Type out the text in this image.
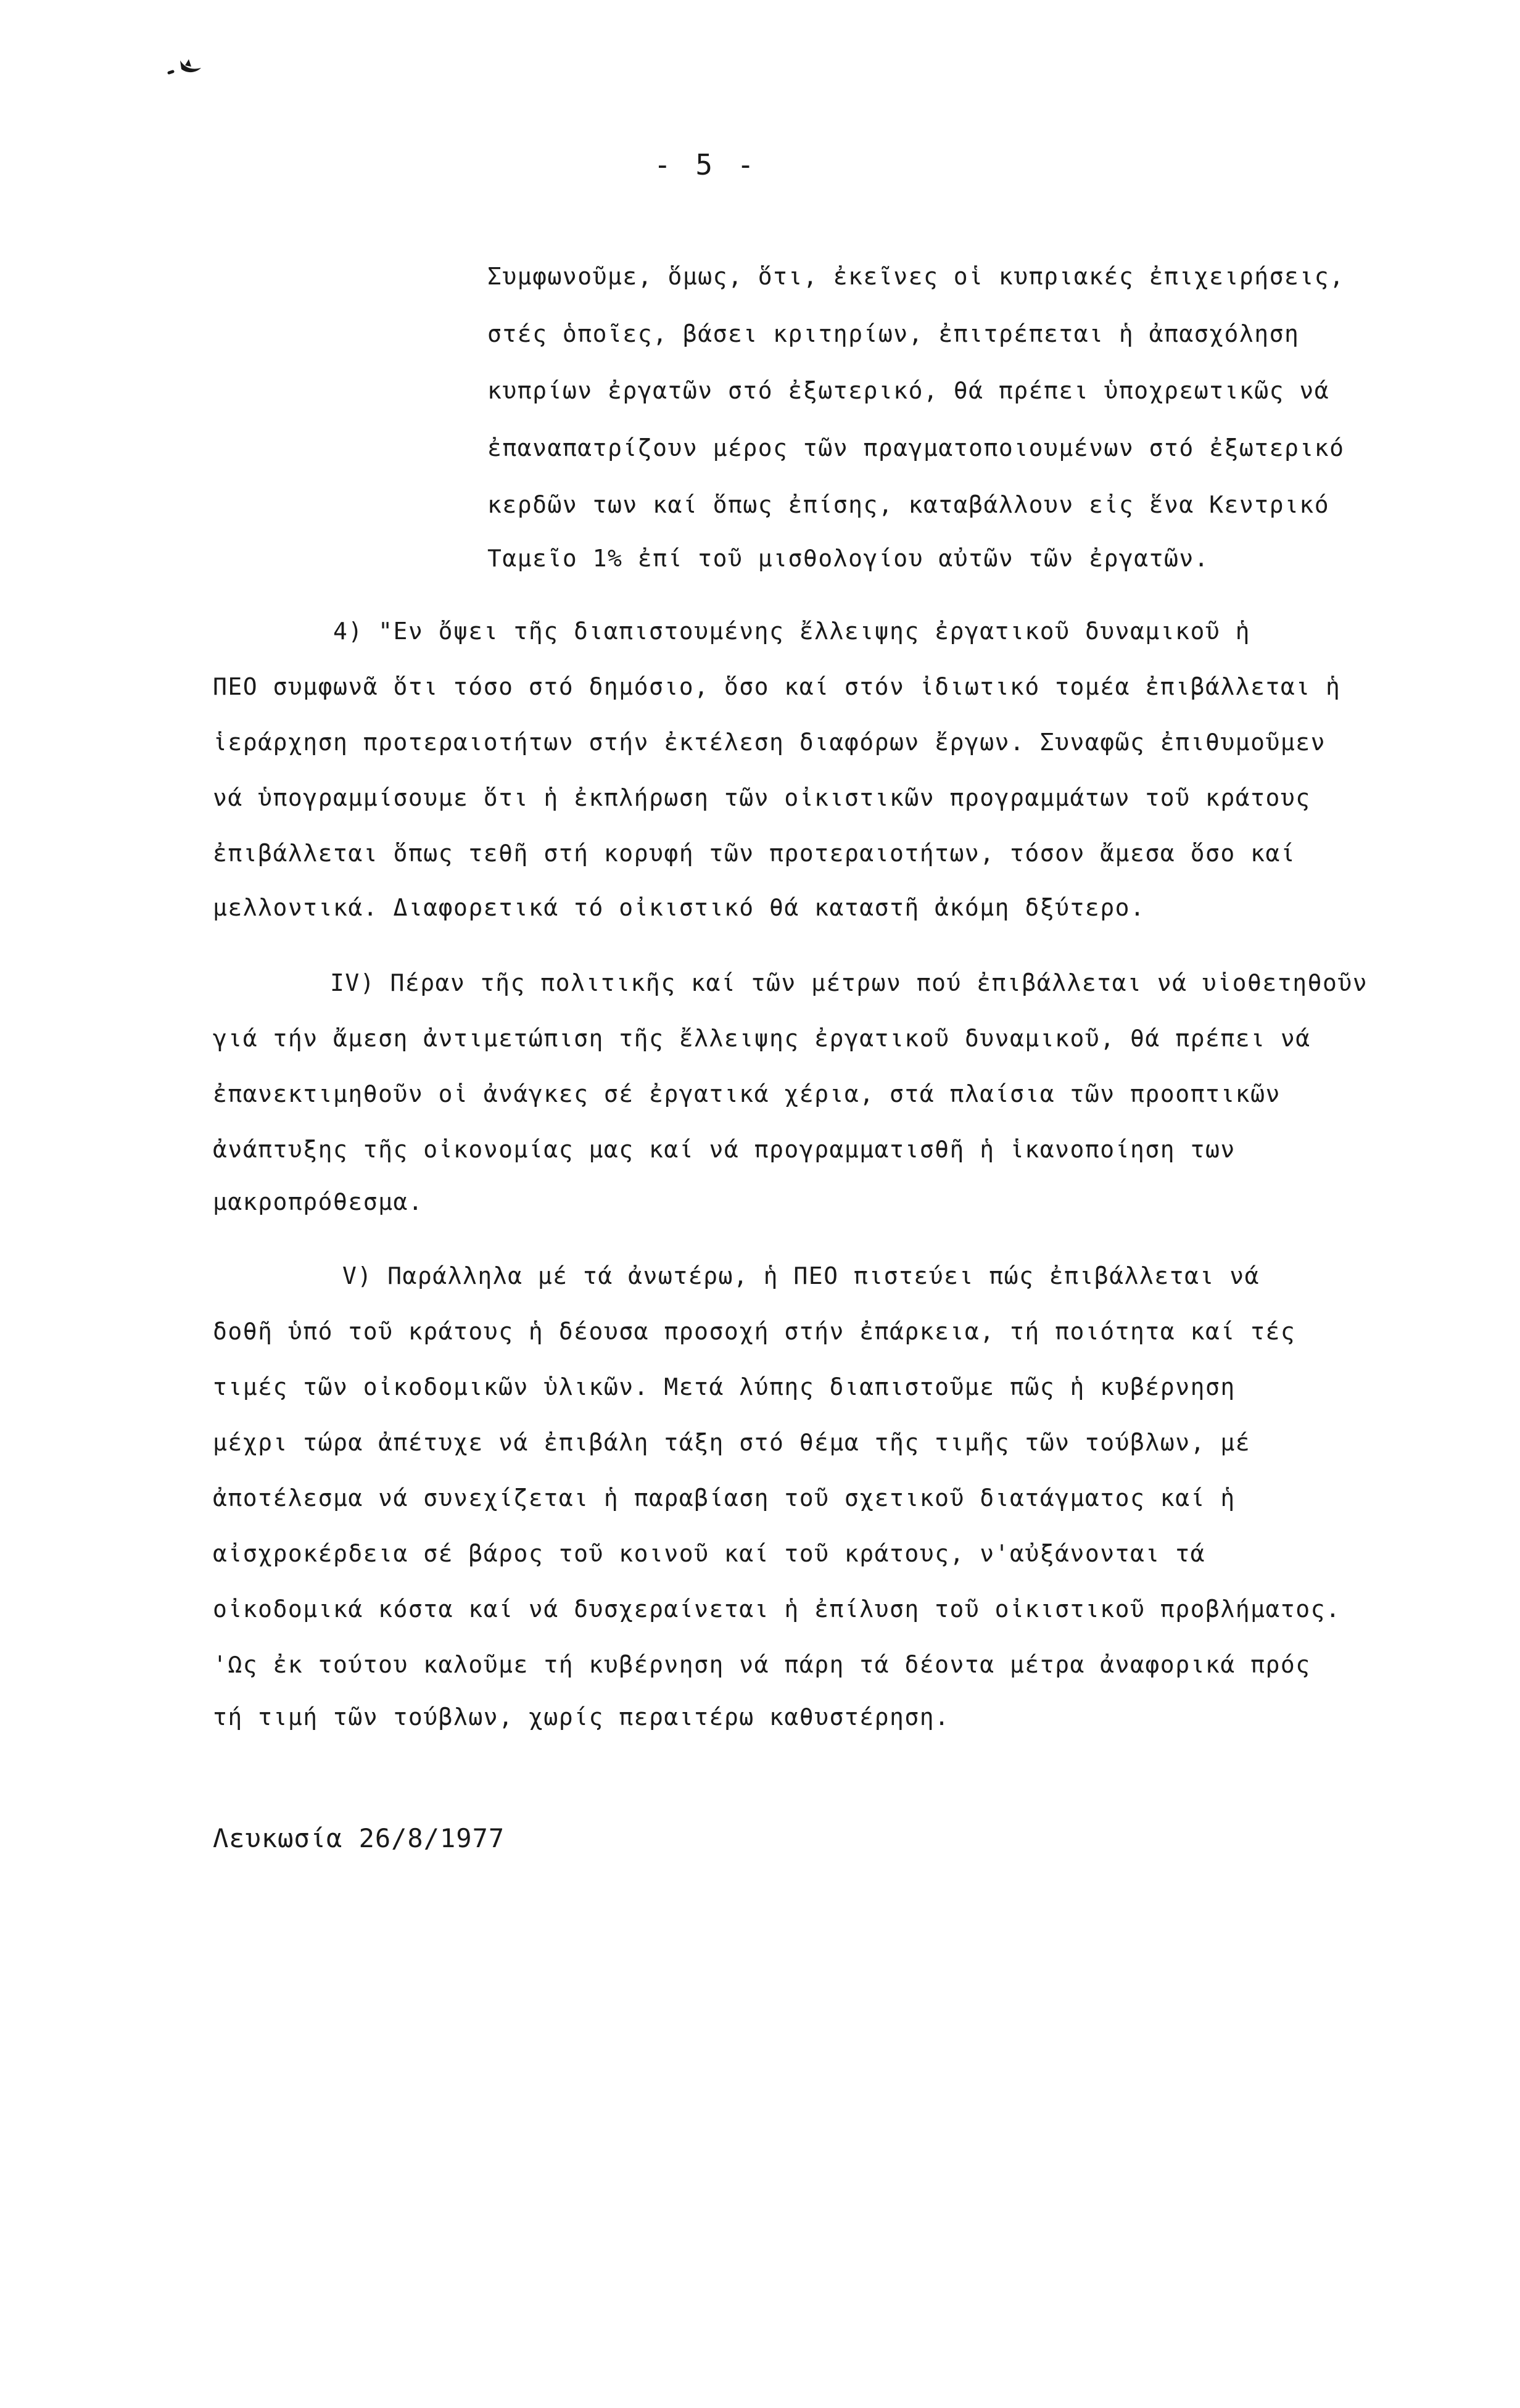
- 5 -
Συμφωνοῦμε, ὅμως, ὅτι, ἐκεῖνες οἱ κυπριακές ἐπιχειρήσεις,
στές ὁποῖες, βάσει κριτηρίων, ἐπιτρέπεται ἡ ἀπασχόληση
κυπρίων ἐργατῶν στό ἐξωτερικό, θά πρέπει ὑποχρεωτικῶς νά
ἐπαναπατρίζουν μέρος τῶν πραγματοποιουμένων στό ἐξωτερικό
κερδῶν των καί ὅπως ἐπίσης, καταβάλλουν εἰς ἕνα Κεντρικό
Ταμεῖο 1% ἐπί τοῦ μισθολογίου αὐτῶν τῶν ἐργατῶν.
4) "Εν ὄψει τῆς διαπιστουμένης ἔλλειψης ἐργατικοῦ δυναμικοῦ ἡ
ΠΕΟ συμφωνᾶ ὅτι τόσο στό δημόσιο, ὅσο καί στόν ἰδιωτικό τομέα ἐπιβάλλεται ἡ
ἱεράρχηση προτεραιοτήτων στήν ἐκτέλεση διαφόρων ἔργων. Συναφῶς ἐπιθυμοῦμεν
νά ὑπογραμμίσουμε ὅτι ἡ ἐκπλήρωση τῶν οἰκιστικῶν προγραμμάτων τοῦ κράτους
ἐπιβάλλεται ὅπως τεθῆ στή κορυφή τῶν προτεραιοτήτων, τόσον ἄμεσα ὅσο καί
μελλοντικά. Διαφορετικά τό οἰκιστικό θά καταστῆ ἀκόμη δξύτερο.
IV) Πέραν τῆς πολιτικῆς καί τῶν μέτρων πού ἐπιβάλλεται νά υἱοθετηθοῦν
γιά τήν ἄμεση ἀντιμετώπιση τῆς ἔλλειψης ἐργατικοῦ δυναμικοῦ, θά πρέπει νά
ἐπανεκτιμηθοῦν οἱ ἀνάγκες σέ ἐργατικά χέρια, στά πλαίσια τῶν προοπτικῶν
ἀνάπτυξης τῆς οἰκονομίας μας καί νά προγραμματισθῆ ἡ ἱκανοποίηση των
μακροπρόθεσμα.
V) Παράλληλα μέ τά ἀνωτέρω, ἡ ΠΕΟ πιστεύει πώς ἐπιβάλλεται νά
δοθῆ ὑπό τοῦ κράτους ἡ δέουσα προσοχή στήν ἐπάρκεια, τή ποιότητα καί τές
τιμές τῶν οἰκοδομικῶν ὑλικῶν. Μετά λύπης διαπιστοῦμε πῶς ἡ κυβέρνηση
μέχρι τώρα ἀπέτυχε νά ἐπιβάλη τάξη στό θέμα τῆς τιμῆς τῶν τούβλων, μέ
ἀποτέλεσμα νά συνεχίζεται ἡ παραβίαση τοῦ σχετικοῦ διατάγματος καί ἡ
αἰσχροκέρδεια σέ βάρος τοῦ κοινοῦ καί τοῦ κράτους, ν'αὐξάνονται τά
οἰκοδομικά κόστα καί νά δυσχεραίνεται ἡ ἐπίλυση τοῦ οἰκιστικοῦ προβλήματος.
'Ως ἐκ τούτου καλοῦμε τή κυβέρνηση νά πάρη τά δέοντα μέτρα ἀναφορικά πρός
τή τιμή τῶν τούβλων, χωρίς περαιτέρω καθυστέρηση.
Λευκωσία 26/8/1977
